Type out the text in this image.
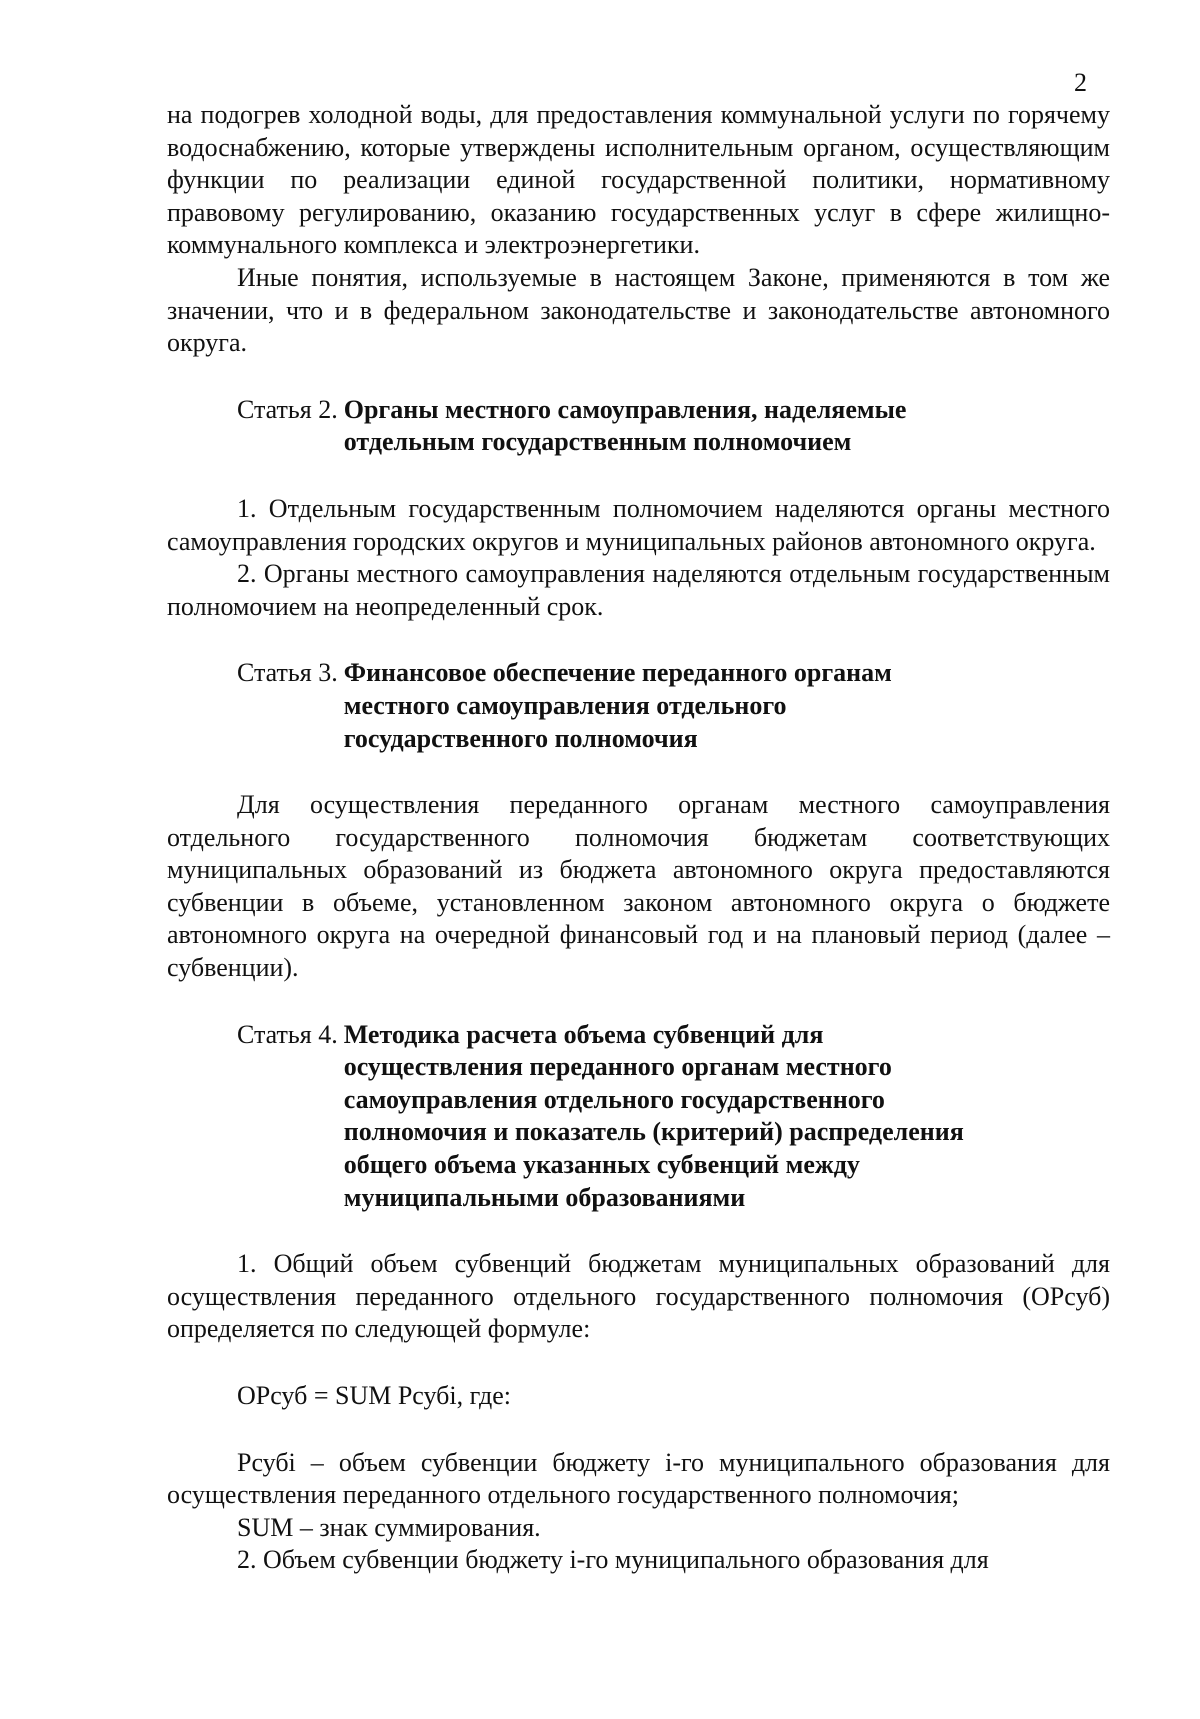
2

на подогрев холодной воды, для предоставления коммунальной услуги по горячему водоснабжению, которые утверждены исполнительным органом, осуществляющим функции по реализации единой государственной политики, нормативному правовому регулированию, оказанию государственных услуг в сфере жилищно-коммунального комплекса и электроэнергетики.

Иные понятия, используемые в настоящем Законе, применяются в том же значении, что и в федеральном законодательстве и законодательстве автономного округа.

Статья 2. Органы местного самоуправления, наделяемые отдельным государственным полномочием

1. Отдельным государственным полномочием наделяются органы местного самоуправления городских округов и муниципальных районов автономного округа.

2. Органы местного самоуправления наделяются отдельным государственным полномочием на неопределенный срок.

Статья 3. Финансовое обеспечение переданного органам местного самоуправления отдельного государственного полномочия

Для осуществления переданного органам местного самоуправления отдельного государственного полномочия бюджетам соответствующих муниципальных образований из бюджета автономного округа предоставляются субвенции в объеме, установленном законом автономного округа о бюджете автономного округа на очередной финансовый год и на плановый период (далее – субвенции).

Статья 4. Методика расчета объема субвенций для осуществления переданного органам местного самоуправления отдельного государственного полномочия и показатель (критерий) распределения общего объема указанных субвенций между муниципальными образованиями

1. Общий объем субвенций бюджетам муниципальных образований для осуществления переданного отдельного государственного полномочия (ОРсуб) определяется по следующей формуле:

ОРсуб = SUM Рсубi, где:

Рсубi – объем субвенции бюджету i-го муниципального образования для осуществления переданного отдельного государственного полномочия;

SUM – знак суммирования.

2. Объем субвенции бюджету i-го муниципального образования для
